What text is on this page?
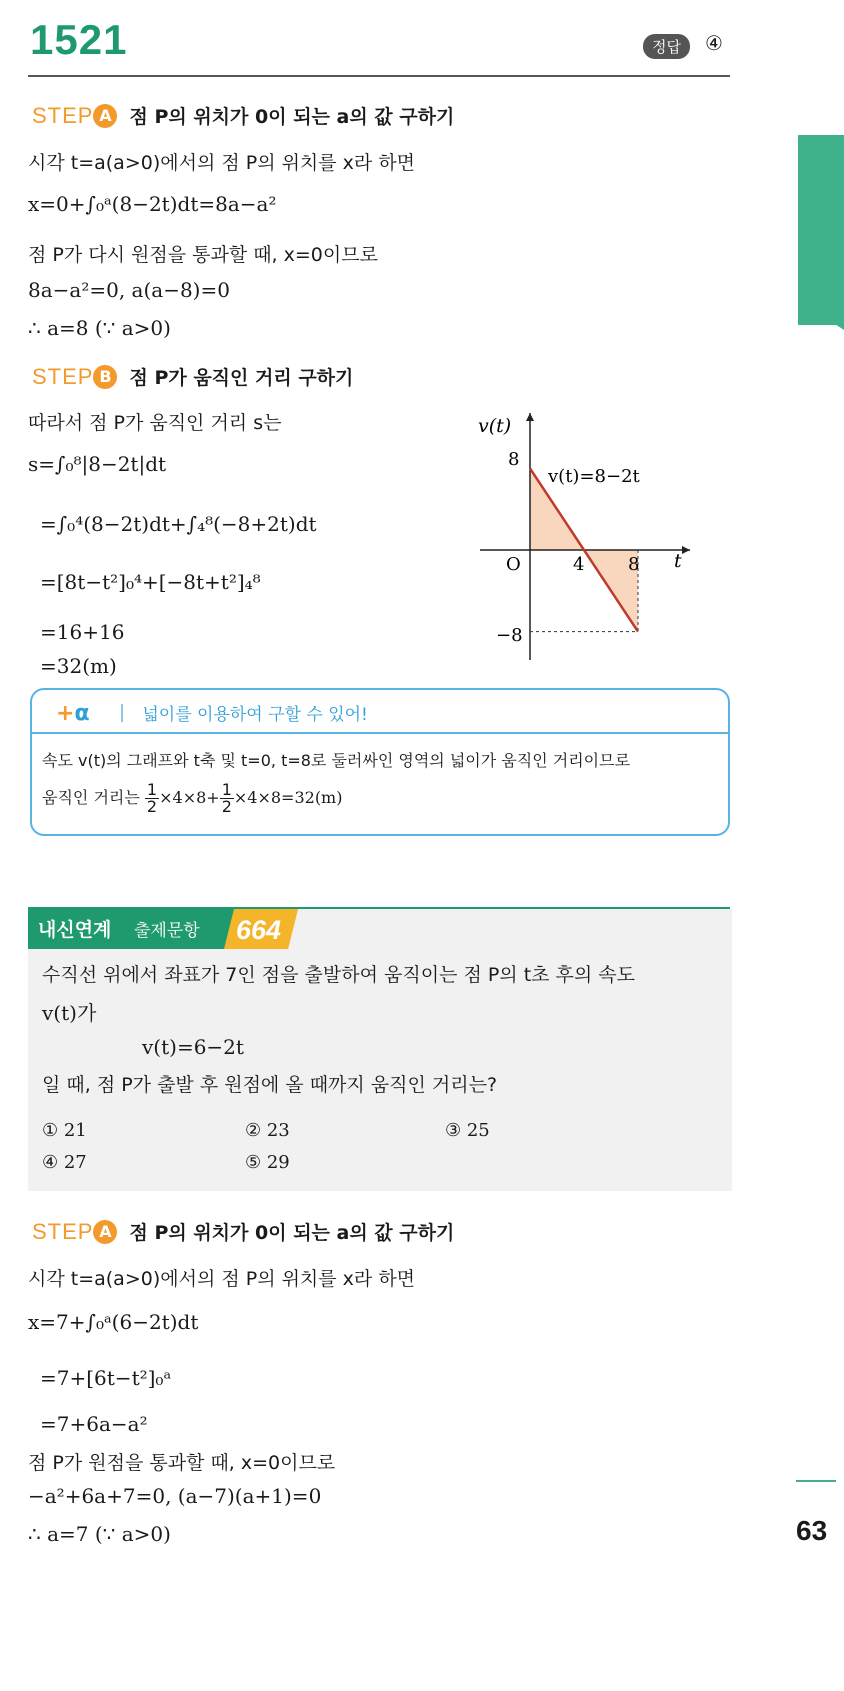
1521	정답	④
STEP A 점 P의 위치가 0이 되는 a의 값 구하기
시각 t=a(a>0)에서의 점 P의 위치를 x라 하면
x=0+∫₀ᵃ(8−2t)dt=8a−a²
점 P가 다시 원점을 통과할 때, x=0이므로
8a−a²=0, a(a−8)=0
∴ a=8 (∵ a>0)
STEP B 점 P가 움직인 거리 구하기
따라서 점 P가 움직인 거리 s는
s=∫₀⁸|8−2t|dt
=∫₀⁴(8−2t)dt+∫₄⁸(−8+2t)dt
=[8t−t²]₀⁴+[−8t+t²]₄⁸
=16+16
=32(m)
v(t)
t
O
8
−8
4 8
v(t)=8−2t
+α	넓이를 이용하여 구할 수 있어!
속도 v(t)의 그래프와 t축 및 t=0, t=8로 둘러싸인 영역의 넓이가 움직인 거리이므로
움직인 거리는 $\frac{1}{2} \times 4\times 8+ \frac{1}{2} \times 4\times 8=32(m)$
내신연계 출제문항 664
수직선 위에서 좌표가 7인 점을 출발하여 움직이는 점 P의 t초 후의 속도
v(t)가
v(t)=6−2t
일 때, 점 P가 출발 후 원점에 올 때까지 움직인 거리는?
① 21	② 23	③ 25
④ 27	⑤ 29
STEP A 점 P의 위치가 0이 되는 a의 값 구하기
시각 t=a(a>0)에서의 점 P의 위치를 x라 하면
x=7+∫₀ᵃ(6−2t)dt
=7+[6t−t²]₀ᵃ
=7+6a−a²
점 P가 원점을 통과할 때, x=0이므로
−a²+6a+7=0, (a−7)(a+1)=0
∴ a=7 (∵ a>0)	63
